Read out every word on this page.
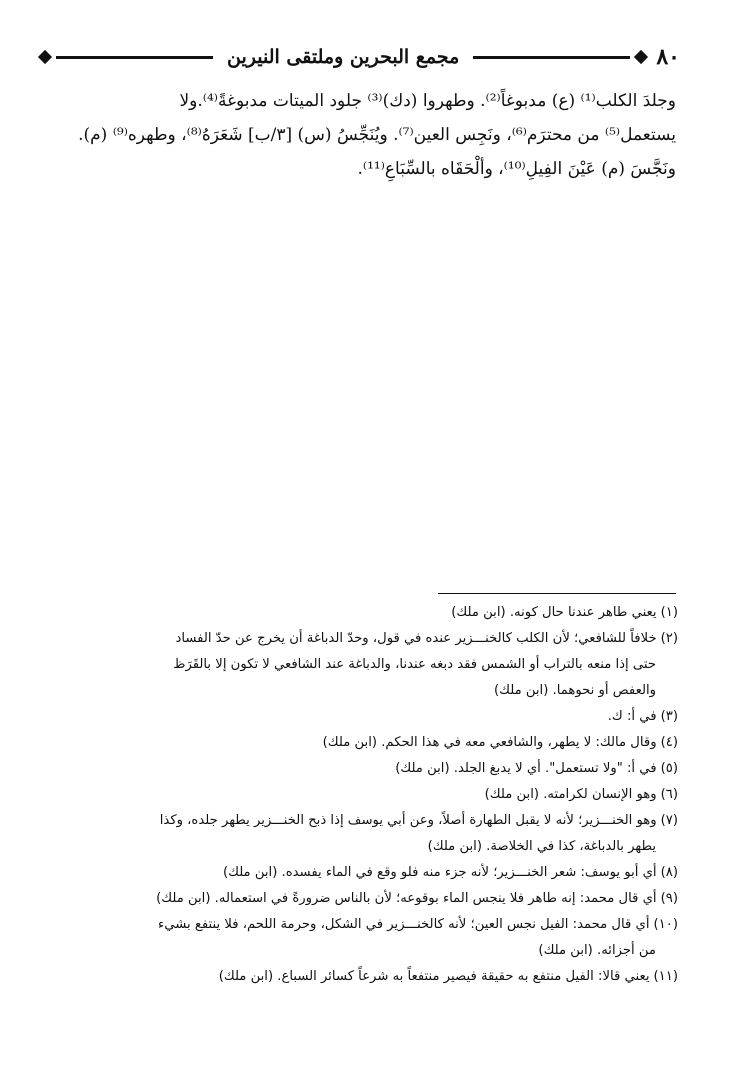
٨٠
مجمع البحرين وملتقى النيرين

وجلدَ الكلب⁽¹⁾ (ع) مدبوغاً⁽²⁾. وطهروا (دك)⁽³⁾ جلود الميتات مدبوغةً⁽⁴⁾.ولا

يستعمل⁽⁵⁾ من محترَم⁽⁶⁾، ونَجِس العين⁽⁷⁾. ويُنَجِّسُ (س) [٣/ب] شَعَرَهُ⁽⁸⁾، وطهره⁽⁹⁾ (م).

ونَجَّسَ (م) عَيْنَ الفِيلِ⁽¹⁰⁾، وألْحَقَاه بالسِّبَاعِ⁽¹¹⁾.

(١)يعني طاهر عندنا حال كونه. (ابن ملك)

(٢)خلافاً للشافعي؛ لأن الكلب كالخنـــزير عنده في قول، وحدّ الدباغة أن يخرج عن حدّ الفساد
حتى إذا منعه بالتراب أو الشمس فقد دبغه عندنا، والدباغة عند الشافعي لا تكون إلا بالقَرَظ
والعفص أو نحوهما. (ابن ملك)

(٣)في أ: ك.

(٤)وقال مالك: لا يطهر، والشافعي معه في هذا الحكم. (ابن ملك)

(٥)في أ: "ولا تستعمل". أي لا يدبغ الجلد. (ابن ملك)

(٦)وهو الإنسان لكرامته. (ابن ملك)

(٧)وهو الخنـــزير؛ لأنه لا يقبل الطهارة أصلاً، وعن أبي يوسف إذا ذبح الخنـــزير يطهر جلده، وكذا
يطهر بالدباغة، كذا في الخلاصة. (ابن ملك)

(٨)أي أبو يوسف: شعر الخنـــزير؛ لأنه جزء منه فلو وقع في الماء يفسده. (ابن ملك)

(٩)أي قال محمد: إنه طاهر فلا ينجس الماء بوقوعه؛ لأن بالناس ضرورةً في استعماله. (ابن ملك)

(١٠)أي قال محمد: الفيل نجس العين؛ لأنه كالخنـــزير في الشكل، وحرمة اللحم، فلا ينتفع بشيء
من أجزائه. (ابن ملك)

(١١)يعني قالا: الفيل منتفع به حقيقة فيصير منتفعاً به شرعاً كسائر السباع. (ابن ملك)
